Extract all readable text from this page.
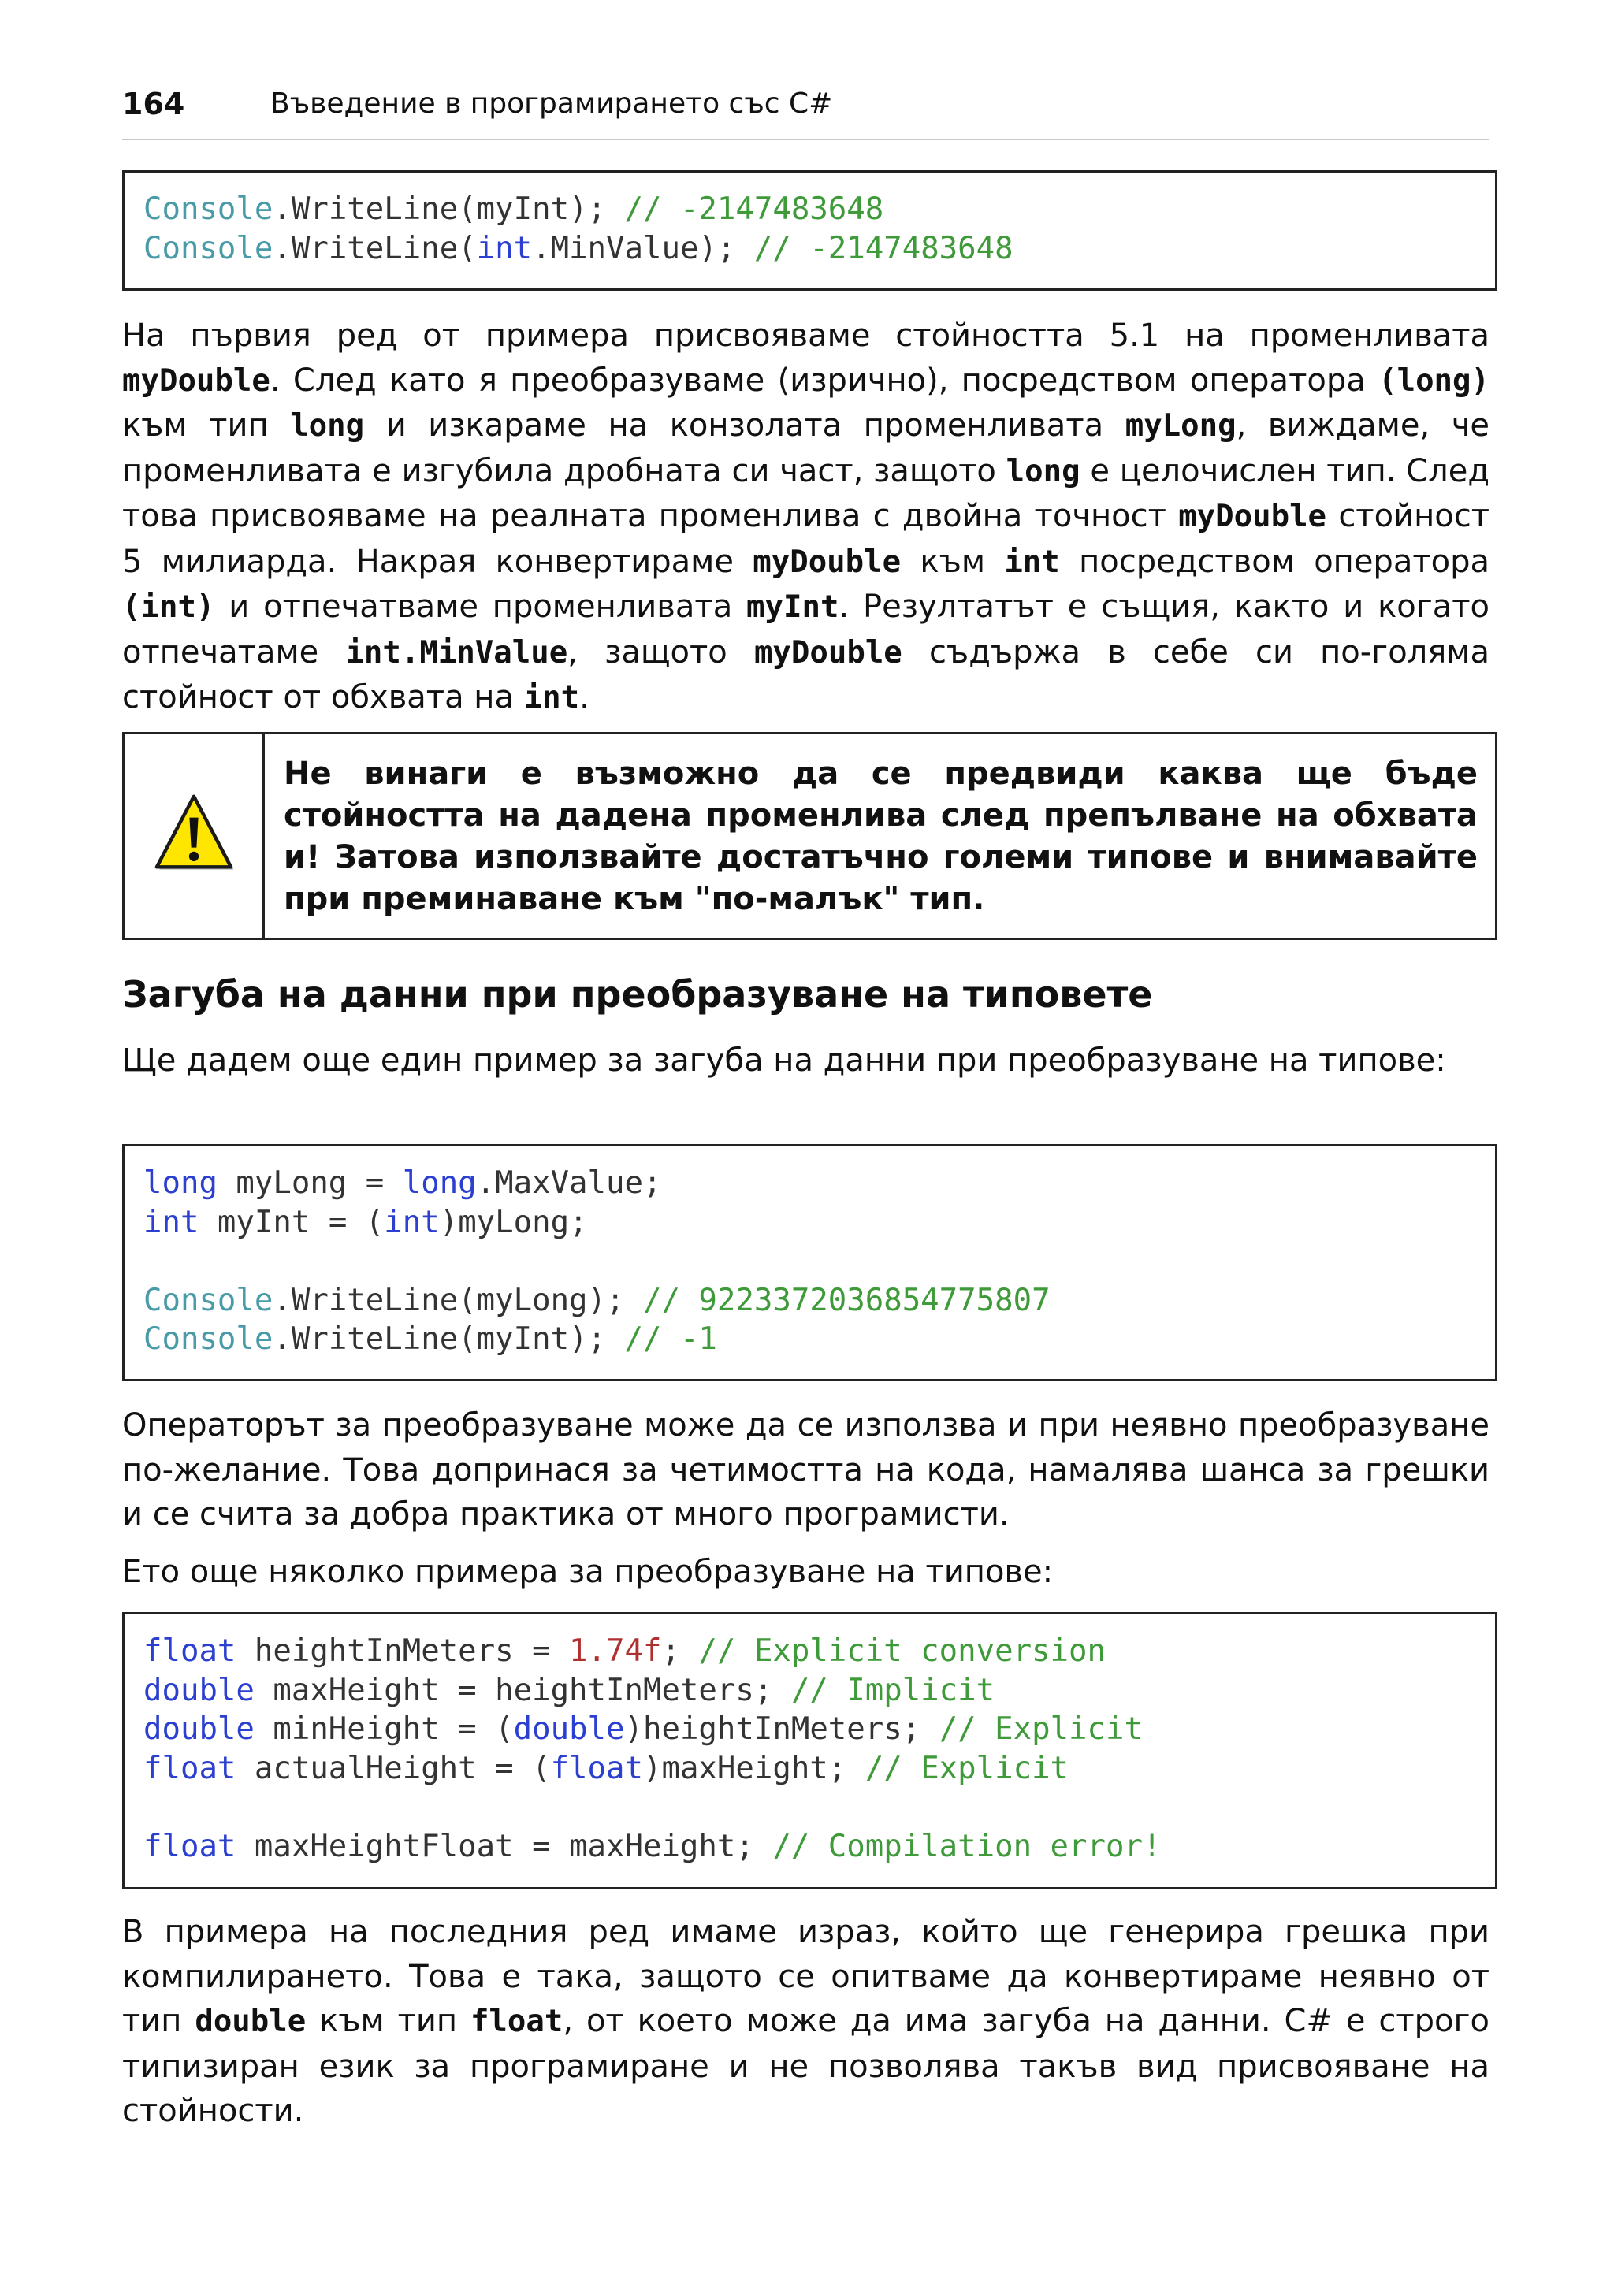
164	Въведение в програмирането със C#
Console.WriteLine(myInt); // -2147483648
Console.WriteLine(int.MinValue); // -2147483648

На първия ред от примера присвояваме стойността 5.1 на променливата myDouble. След като я преобразуваме (изрично), посредством оператора (long) към тип long и изкараме на конзолата променливата myLong, виждаме, че променливата е изгубила дробната си част, защото long е целочислен тип. След това присвояваме на реалната променлива с двойна точност myDouble стойност 5 милиарда. Накрая конвертираме myDouble към int посредством оператора (int) и отпечатваме променливата myInt. Резултатът е същия, както и когато отпечатаме int.MinValue, защото myDouble съдържа в себе си по-голяма стойност от обхвата на int.

Не винаги е възможно да се предвиди каква ще бъде стойността на дадена променлива след препълване на обхвата и! Затова използвайте достатъчно големи типове и внимавайте при преминаване към "по-малък" тип.

Загуба на данни при преобразуване на типовете

Ще дадем още един пример за загуба на данни при преобразуване на типове:

long myLong = long.MaxValue;
int myInt = (int)myLong;

Console.WriteLine(myLong); // 9223372036854775807
Console.WriteLine(myInt); // -1

Операторът за преобразуване може да се използва и при неявно преобразуване по-желание. Това допринася за четимостта на кода, намалява шанса за грешки и се счита за добра практика от много програмисти.

Ето още няколко примера за преобразуване на типове:

float heightInMeters = 1.74f; // Explicit conversion
double maxHeight = heightInMeters; // Implicit
double minHeight = (double)heightInMeters; // Explicit
float actualHeight = (float)maxHeight; // Explicit

float maxHeightFloat = maxHeight; // Compilation error!

В примера на последния ред имаме израз, който ще генерира грешка при компилирането. Това е така, защото се опитваме да конвертираме неявно от тип double към тип float, от което може да има загуба на данни. C# е строго типизиран език за програмиране и не позволява такъв вид присвояване на стойности.
